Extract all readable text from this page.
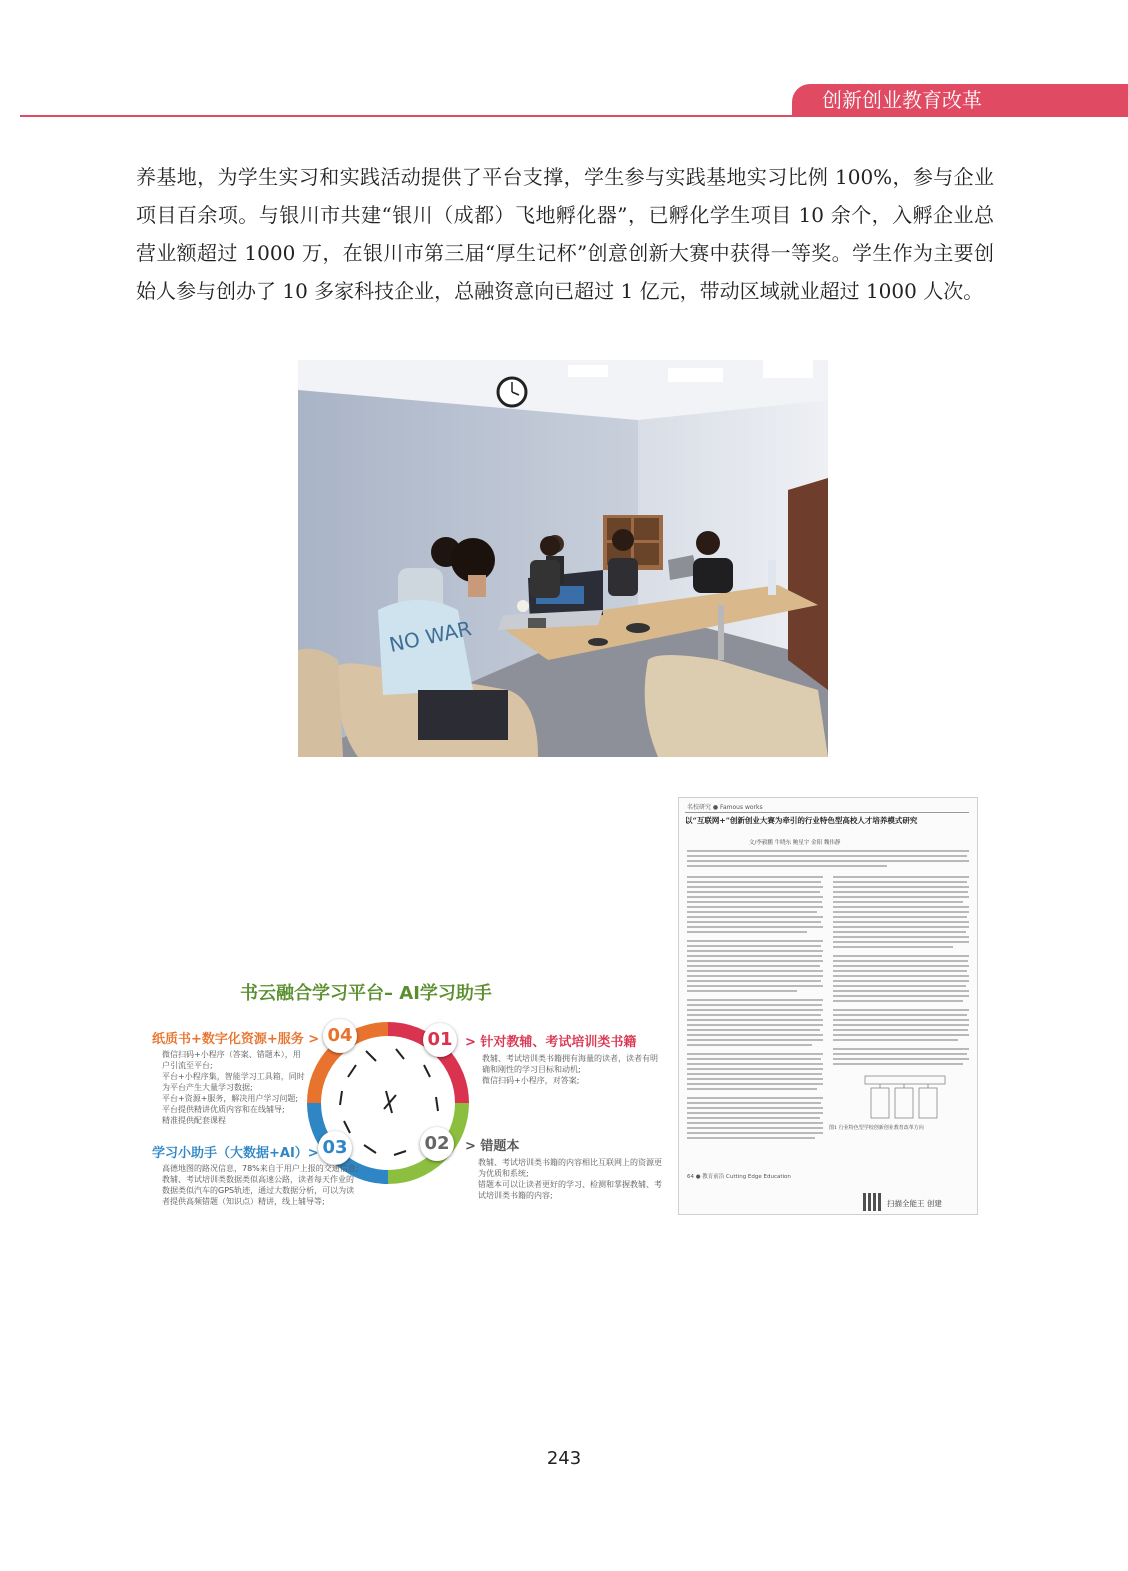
创新创业教育改革

养基地，为学生实习和实践活动提供了平台支撑，学生参与实践基地实习比例 100%，参与企业项目百余项。与银川市共建“银川（成都）飞地孵化器”，已孵化学生项目 10 余个，入孵企业总营业额超过 1000 万，在银川市第三届“厚生记杯”创意创新大赛中获得一等奖。学生作为主要创始人参与创办了 10 多家科技企业，总融资意向已超过 1 亿元，带动区域就业超过 1000 人次。

NO WAR
书云融合学习平台– AI学习助手
04	01
03	02
纸质书+数字化资源+服务 >
微信扫码+小程序（答案、错题本），用
户引流至平台;
平台+小程序集，智能学习工具箱，同时
为平台产生大量学习数据;
平台+资源+服务，解决用户学习问题;
平台提供精讲优质内容和在线辅导;
精准提供配套课程
> 针对教辅、考试培训类书籍
教辅、考试培训类书籍拥有海量的读者，读者有明
确和刚性的学习目标和动机;
微信扫码+小程序，对答案;
学习小助手（大数据+AI）>
高德地图的路况信息，78%来自于用户上报的交通信息;
教辅、考试培训类数据类似高速公路，读者每天作业的
数据类似汽车的GPS轨迹，通过大数据分析，可以为读
者提供高频错题（知识点）精讲，线上辅导等;
> 错题本
教辅、考试培训类书籍的内容相比互联网上的资源更
为优质和系统;
错题本可以让读者更好的学习、检测和掌握教辅、考
试培训类书籍的内容;
名校研究 ● Famous works
以“互联网+”创新创业大赛为牵引的行业特色型高校人才培养模式研究
文/李毅鹏 牛晓东 鲍星宇 金阳 魏伟静
图1 行业特色型学校创新创业教育改革方向
64 ● 教育前沿 Cutting Edge Education
扫描全能王 创建
243
